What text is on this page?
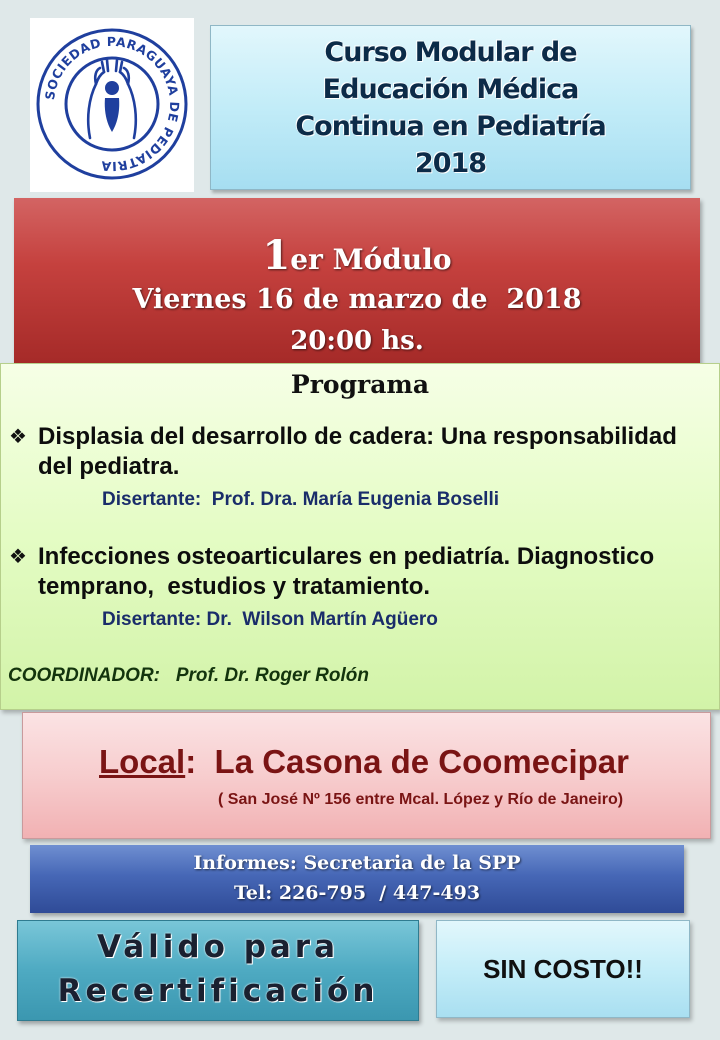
SOCIEDAD PARAGUAYA DE PEDIATRIA
Curso Modular de
Educación Médica
Continua en Pediatría
2018
1er Módulo
Viernes 16 de marzo de  2018
20:00 hs.
Programa
❖ Displasia del desarrollo de cadera: Una responsabilidad
del pediatra.
Disertante:  Prof. Dra. María Eugenia Boselli
❖ Infecciones osteoarticulares en pediatría. Diagnostico
temprano,  estudios y tratamiento.
Disertante: Dr.  Wilson Martín Agüero
COORDINADOR:   Prof. Dr. Roger Rolón
Local:  La Casona de Coomecipar
( San José Nº 156 entre Mcal. López y Río de Janeiro)
Informes: Secretaria de la SPP
Tel: 226-795  / 447-493
Válido para
Recertificación
SIN COSTO!!
